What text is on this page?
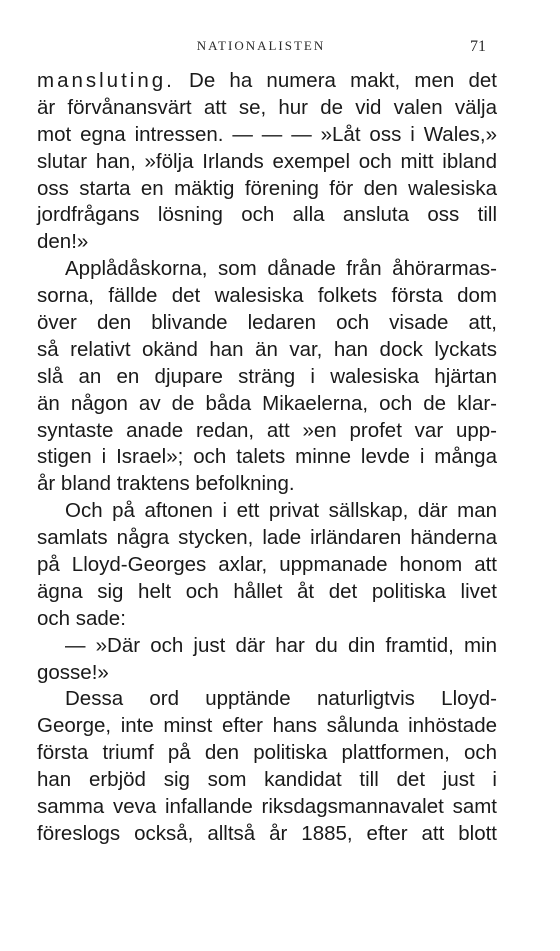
NATIONALISTEN	71
mansluting. De ha numera makt, men det
är förvånansvärt att se, hur de vid valen välja
mot egna intressen. — — — »Låt oss i Wales,»
slutar han, »följa Irlands exempel och mitt ibland
oss starta en mäktig förening för den walesiska
jordfrågans lösning och alla ansluta oss till
den!»
Applådåskorna, som dånade från åhörarmas-
sorna, fällde det walesiska folkets första dom
över den blivande ledaren och visade att,
så relativt okänd han än var, han dock lyckats
slå an en djupare sträng i walesiska hjärtan
än någon av de båda Mikaelerna, och de klar-
syntaste anade redan, att »en profet var upp-
stigen i Israel»; och talets minne levde i många
år bland traktens befolkning.
Och på aftonen i ett privat sällskap, där man
samlats några stycken, lade irländaren händerna
på Lloyd-Georges axlar, uppmanade honom att
ägna sig helt och hållet åt det politiska livet
och sade:
— »Där och just där har du din framtid, min
gosse!»
Dessa ord upptände naturligtvis Lloyd-
George, inte minst efter hans sålunda inhöstade
första triumf på den politiska plattformen, och
han erbjöd sig som kandidat till det just i
samma veva infallande riksdagsmannavalet samt
föreslogs också, alltså år 1885, efter att blott
